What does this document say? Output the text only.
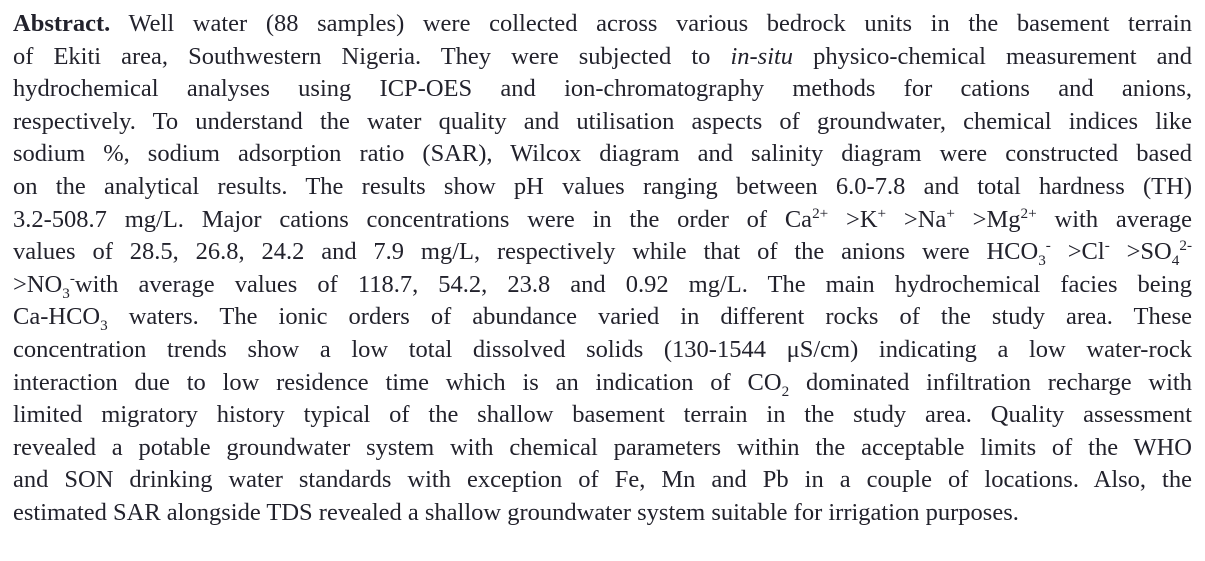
Abstract. Well water (88 samples) were collected across various bedrock units in the basement terrain
of Ekiti area, Southwestern Nigeria. They were subjected to in-situ physico-chemical measurement and
hydrochemical analyses using ICP-OES and ion-chromatography methods for cations and anions,
respectively. To understand the water quality and utilisation aspects of groundwater, chemical indices like
sodium %, sodium adsorption ratio (SAR), Wilcox diagram and salinity diagram were constructed based
on the analytical results. The results show pH values ranging between 6.0-7.8 and total hardness (TH)
3.2-508.7 mg/L. Major cations concentrations were in the order of $Ca^{2+} >K^+ >Na^+ >Mg^{2+}$ with average
values of 28.5, 26.8, 24.2 and 7.9 mg/L, respectively while that of the anions were $HCO_3^- >Cl^- >SO_4^{2-}$
$>NO_3^-with$ average values of 118.7, 54.2, 23.8 and 0.92 mg/L. The main hydrochemical facies being
$Ca-HCO_3$ waters. The ionic orders of abundance varied in different rocks of the study area. These
concentration trends show a low total dissolved solids (130-1544 μS/cm) indicating a low water-rock
interaction due to low residence time which is an indication of $CO_2$ dominated infiltration recharge with
limited migratory history typical of the shallow basement terrain in the study area. Quality assessment
revealed a potable groundwater system with chemical parameters within the acceptable limits of the WHO
and SON drinking water standards with exception of Fe, Mn and Pb in a couple of locations. Also, the
estimated SAR alongside TDS revealed a shallow groundwater system suitable for irrigation purposes.
